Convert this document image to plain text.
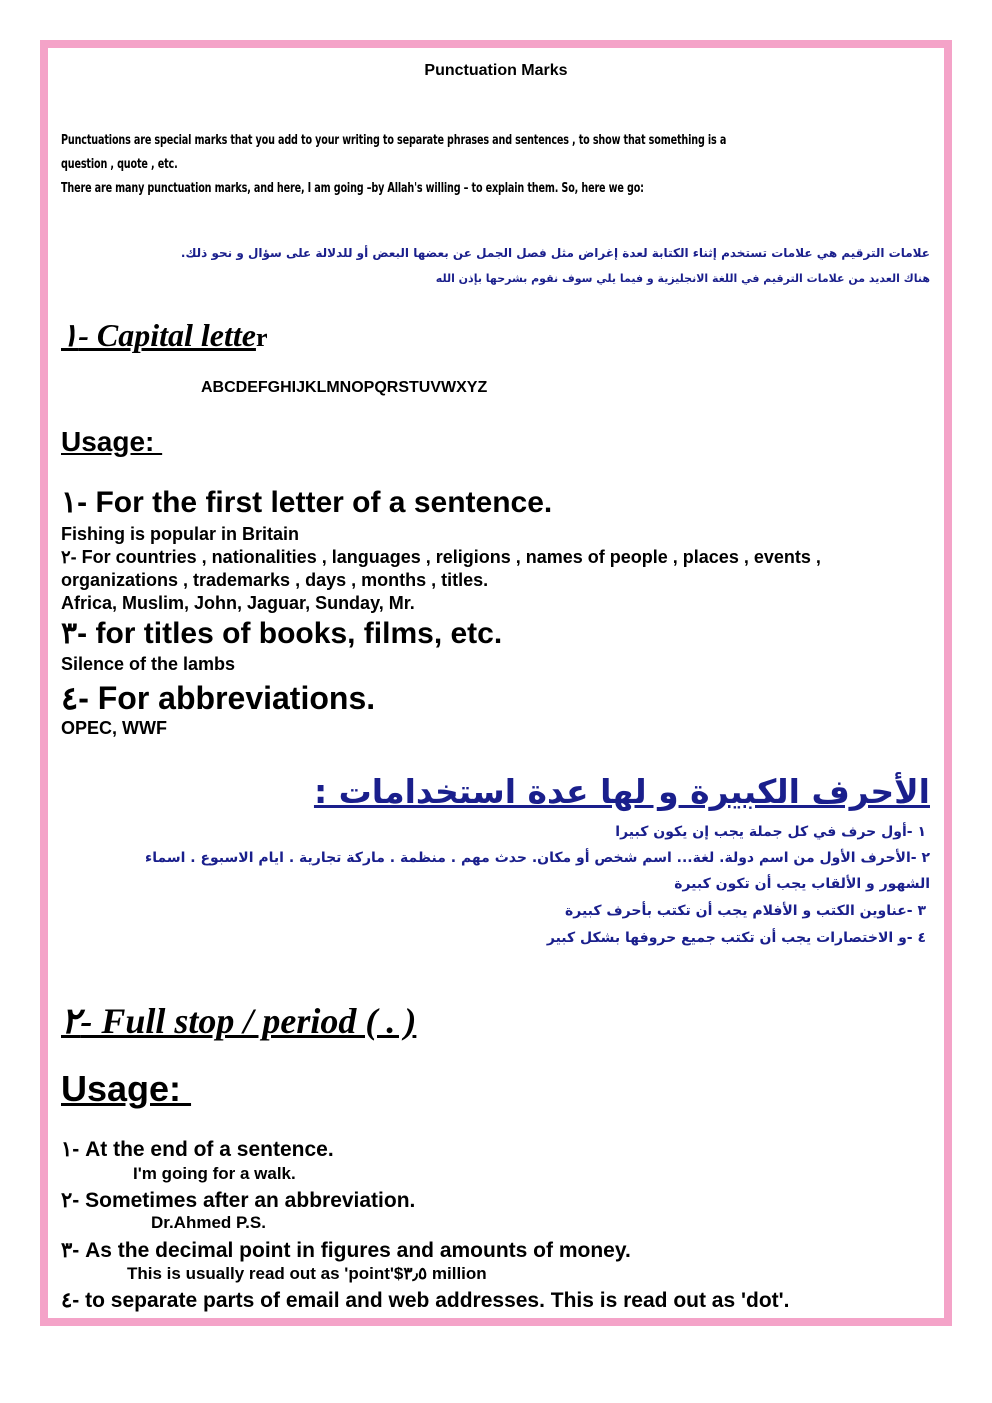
Punctuation Marks
Punctuations are special marks that you add to your writing to separate phrases and sentences , to show that something is a
question , quote , etc.
There are many punctuation marks, and here, I am going –by Allah's willing – to explain them. So, here we go:
علامات الترقيم هي علامات تستخدم إثناء الكتابة لعدة إغراض مثل فصل الجمل عن بعضها البعض أو للدلالة على سؤال و نحو ذلك.
هناك العديد من علامات الترقيم في اللغة الانجليزية و فيما يلي سوف نقوم بشرحها بإذن الله
١- Capital letter
ABCDEFGHIJKLMNOPQRSTUVWXYZ
Usage:
١- For the first letter of a sentence.
Fishing is popular in Britain
٢- For countries , nationalities , languages , religions , names of people , places , events ,
organizations , trademarks , days , months , titles.
Africa, Muslim, John, Jaguar, Sunday, Mr.
٣- for titles of books, films, etc.
Silence of the lambs
٤- For abbreviations.
OPEC, WWF
الأحرف الكبيرة و لها عدة استخدامات :
١ -أول حرف في كل جملة يجب إن يكون كبيرا
٢ -الأحرف الأول من اسم دولة. لغة... اسم شخص أو مكان. حدث مهم . منظمة . ماركة تجارية . ايام الاسبوع . اسماء
الشهور و الألقاب يجب أن تكون كبيرة
٣ -عناوين الكتب و الأفلام يجب أن تكتب بأحرف كبيرة
٤ -و الاختصارات يجب أن تكتب جميع حروفها بشكل كبير
٢- Full stop / period ( . )
Usage:
١- At the end of a sentence.
I'm going for a walk.
٢- Sometimes after an abbreviation.
Dr.Ahmed P.S.
٣- As the decimal point in figures and amounts of money.
This is usually read out as 'point'$٣٫٥ million
٤- to separate parts of email and web addresses. This is read out as 'dot'.
